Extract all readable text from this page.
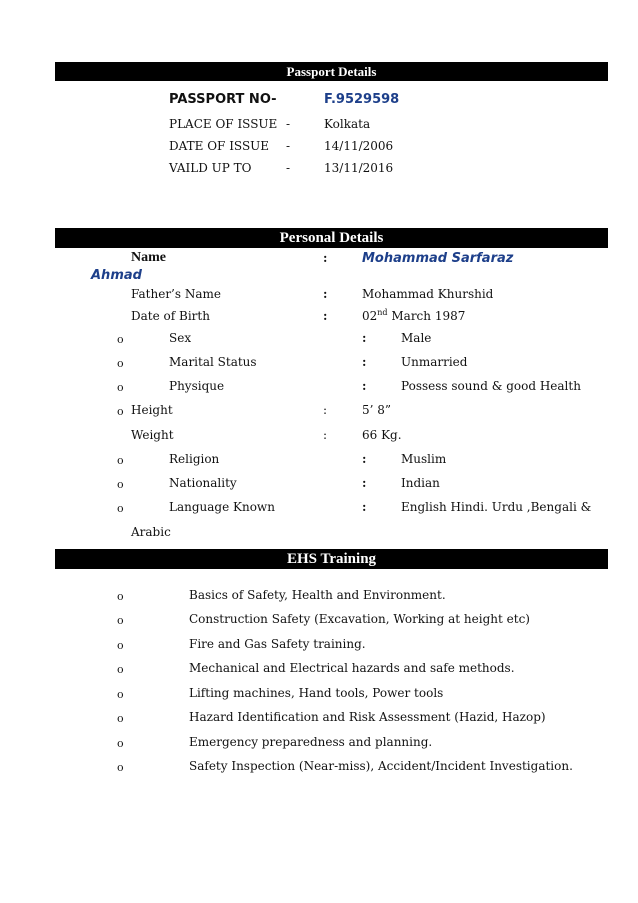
Passport Details
PASSPORT NO-	F.9529598
PLACE OF ISSUE -	Kolkata
DATE OF ISSUE -	14/11/2006
VAILD UP TO	-	13/11/2016
Personal Details
Name	:	Mohammad Sarfaraz
Ahmad
Father’s Name	:	Mohammad Khurshid
Date of Birth	:	02nd March 1987
o	Sex	:	Male
o	Marital Status	:	Unmarried
o	Physique	:	Possess sound & good Health
o Height	:	5’ 8”
Weight	:	66 Kg.
o	Religion	:	Muslim
o	Nationality	:	Indian
o	Language Known	:	English Hindi. Urdu ,Bengali &
Arabic
EHS Training
o	Basics of Safety, Health and Environment.
o	Construction Safety (Excavation, Working at height etc)
o	Fire and Gas Safety training.
o	Mechanical and Electrical hazards and safe methods.
o	Lifting machines, Hand tools, Power tools
o	Hazard Identification and Risk Assessment (Hazid, Hazop)
o	Emergency preparedness and planning.
o	Safety Inspection (Near-miss), Accident/Incident Investigation.
